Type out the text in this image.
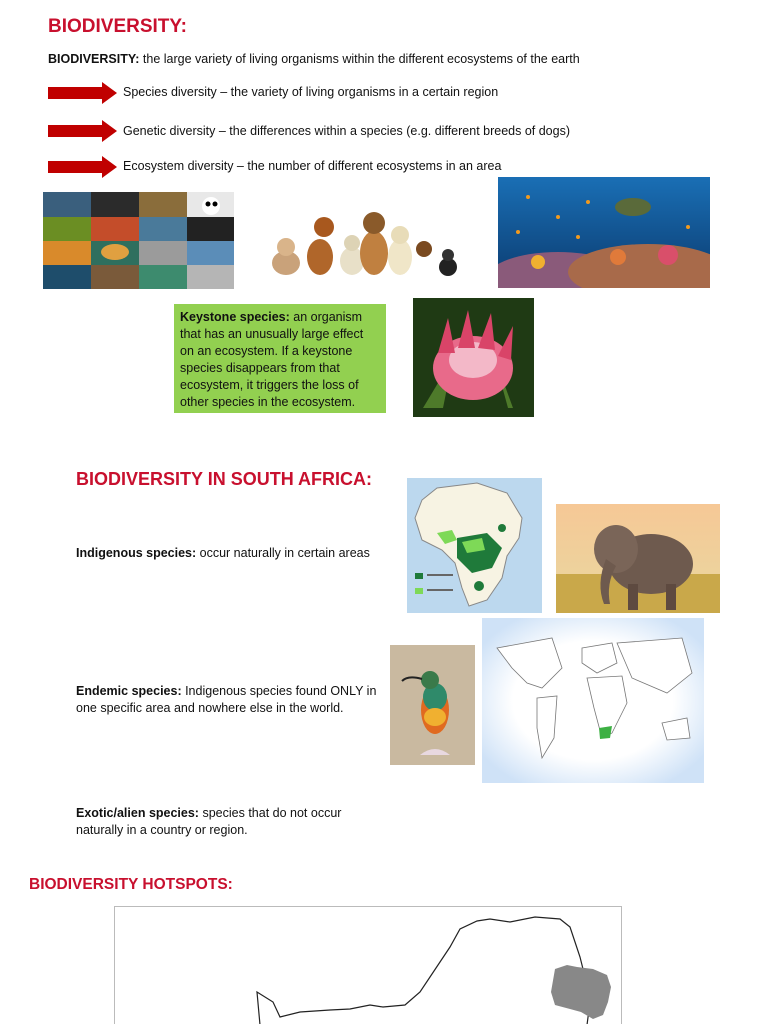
BIODIVERSITY:
BIODIVERSITY: the large variety of living organisms within the different ecosystems of the earth
Species diversity – the variety of living organisms in a certain region
Genetic diversity – the differences within a species (e.g. different breeds of dogs)
Ecosystem diversity – the number of different ecosystems in an area
Keystone species: an organism that has an unusually large effect on an ecosystem. If a keystone species disappears from that ecosystem, it triggers the loss of other species in the ecosystem.
BIODIVERSITY IN SOUTH AFRICA:
Indigenous species: occur naturally in certain areas
Endemic species: Indigenous species found ONLY in one specific area and nowhere else in the world.
Exotic/alien species: species that do not occur naturally in a country or region.
BIODIVERSITY HOTSPOTS:
